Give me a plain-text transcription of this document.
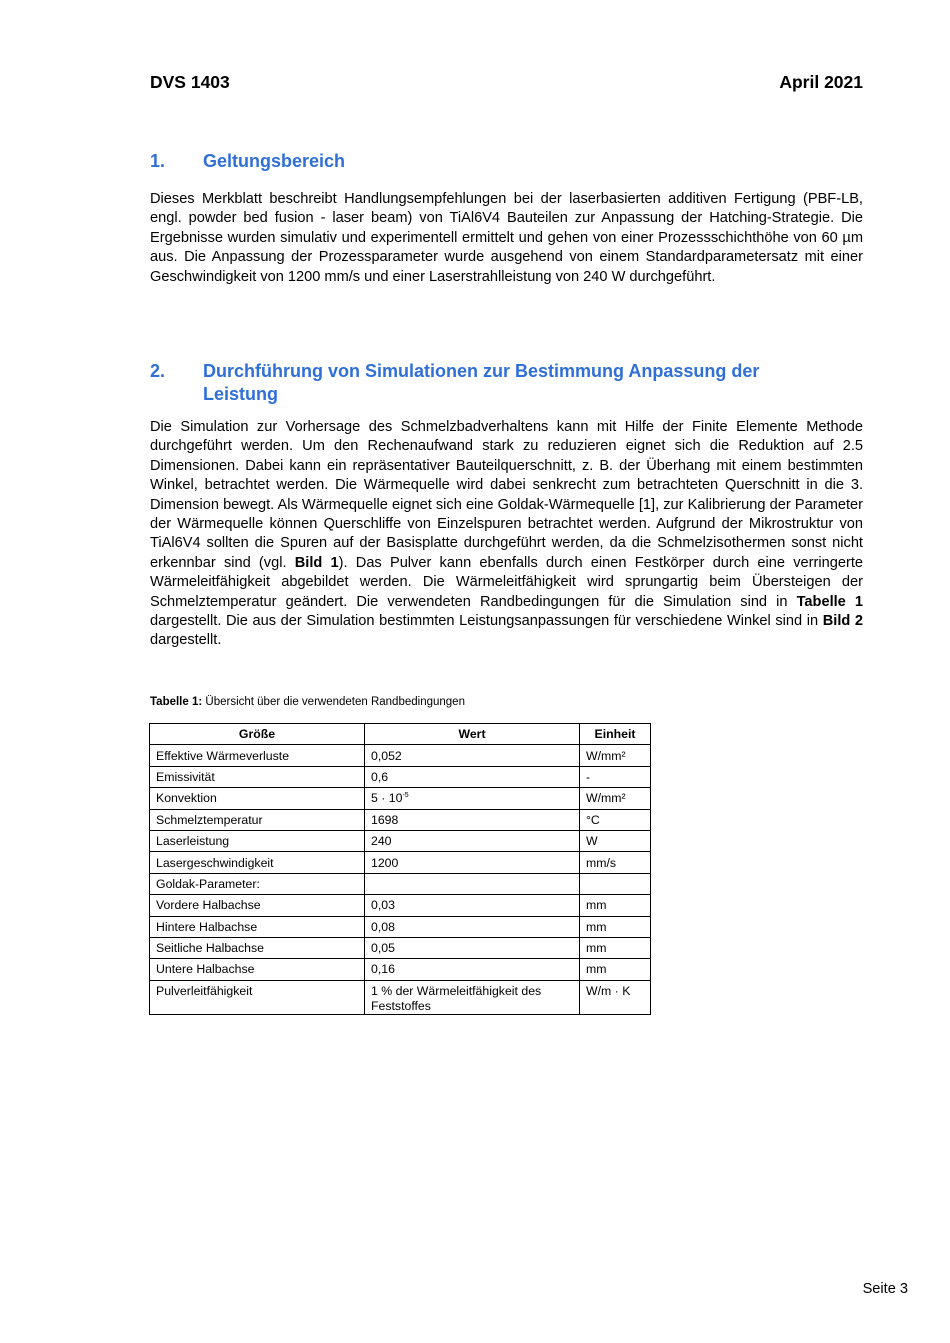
DVS 1403	April 2021
1. Geltungsbereich
Dieses Merkblatt beschreibt Handlungsempfehlungen bei der laserbasierten additiven Fertigung (PBF-LB, engl. powder bed fusion - laser beam) von TiAl6V4 Bauteilen zur Anpassung der Hatching-Strategie. Die Ergebnisse wurden simulativ und experimentell ermittelt und gehen von einer Prozessschichthöhe von 60 µm aus. Die Anpassung der Prozessparameter wurde ausgehend von einem Standardparametersatz mit einer Geschwindigkeit von 1200 mm/s und einer Laserstrahlleistung von 240 W durchgeführt.
2. Durchführung von Simulationen zur Bestimmung Anpassung der Leistung
Die Simulation zur Vorhersage des Schmelzbadverhaltens kann mit Hilfe der Finite Elemente Methode durchgeführt werden. Um den Rechenaufwand stark zu reduzieren eignet sich die Reduktion auf 2.5 Dimensionen. Dabei kann ein repräsentativer Bauteilquerschnitt, z. B. der Überhang mit einem bestimmten Winkel, betrachtet werden. Die Wärmequelle wird dabei senkrecht zum betrachteten Querschnitt in die 3. Dimension bewegt. Als Wärmequelle eignet sich eine Goldak-Wärmequelle [1], zur Kalibrierung der Parameter der Wärmequelle können Querschliffe von Einzelspuren betrachtet werden. Aufgrund der Mikrostruktur von TiAl6V4 sollten die Spuren auf der Basisplatte durchgeführt werden, da die Schmelzisothermen sonst nicht erkennbar sind (vgl. Bild 1). Das Pulver kann ebenfalls durch einen Festkörper durch eine verringerte Wärmeleitfähigkeit abgebildet werden. Die Wärmeleitfähigkeit wird sprungartig beim Übersteigen der Schmelztemperatur geändert. Die verwendeten Randbedingungen für die Simulation sind in Tabelle 1 dargestellt. Die aus der Simulation bestimmten Leistungsanpassungen für verschiedene Winkel sind in Bild 2 dargestellt.
Tabelle 1: Übersicht über die verwendeten Randbedingungen
Größe	Wert	Einheit
Effektive Wärmeverluste	0,052	W/mm²
Emissivität	0,6	-
Konvektion	$5 \cdot 10^{-5}$	W/mm²
Schmelztemperatur	1698	°C
Laserleistung	240	W
Lasergeschwindigkeit	1200	mm/s
Goldak-Parameter:		
Vordere Halbachse	0,03	mm
Hintere Halbachse	0,08	mm
Seitliche Halbachse	0,05	mm
Untere Halbachse	0,16	mm
Pulverleitfähigkeit	1 % der Wärmeleitfähigkeit des Feststoffes	W/m · K
Seite 3
